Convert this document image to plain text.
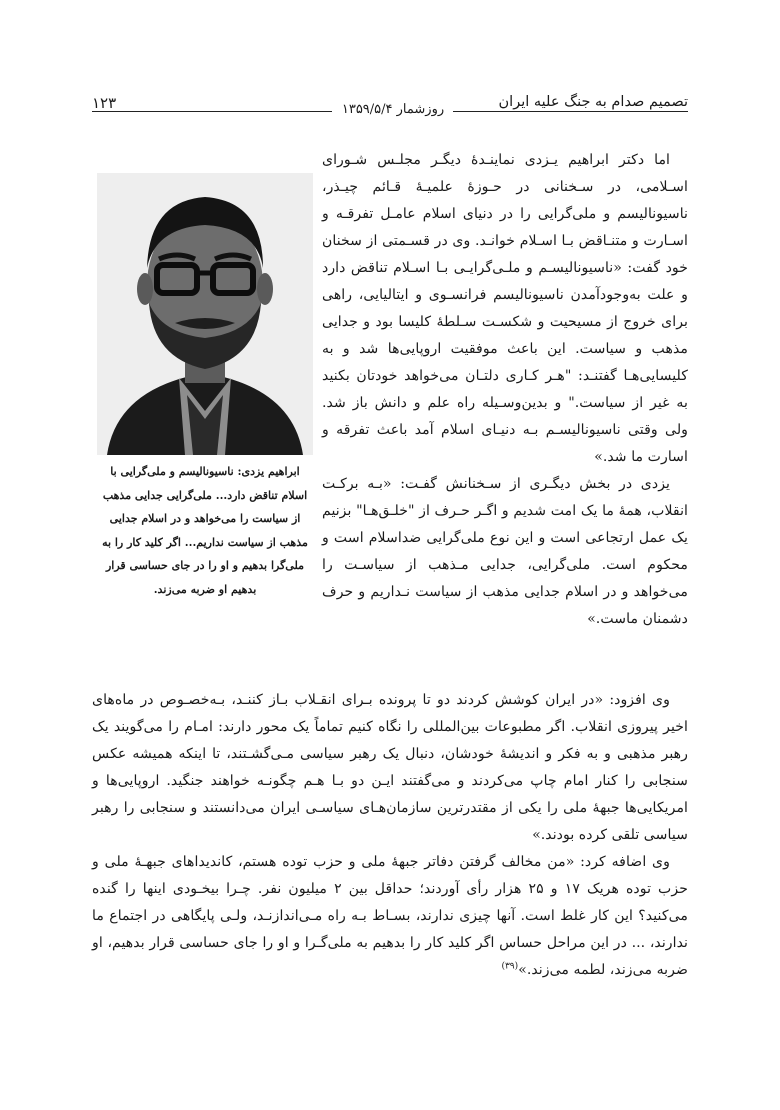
تصمیم صدام به جنگ علیه ایران
۱۲۳	روزشمار ۱۳۵۹/۵/۴
ابراهیم یزدی: ناسیونالیسم و ملی‌گرایی با اسلام تناقض دارد... ملی‌گرایی جدایی مذهب از سیاست را می‌خواهد و در اسلام جدایی مذهب از سیاست نداریم... اگر کلید کار را به ملی‌گرا بدهیم و او را در جای حساسی قرار بدهیم او ضربه می‌زند.

اما دکتر ابراهیم یـزدی نماینـدهٔ دیگـر مجلـس شـورای اسـلامی، در سـخنانی در حـوزهٔ علمیـهٔ قـائم چیـذر، ناسیونالیسم و ملی‌گرایی را در دنیای اسلام عامـل تفرقـه و اسـارت و متنـاقض بـا اسـلام خوانـد. وی در قسـمتی از سخنان خود گفت: «ناسیونالیسـم و ملـی‌گرایـی بـا اسـلام تناقض دارد و علت به‌وجودآمدن ناسیونالیسم فرانسـوی و ایتالیایی، راهی برای خروج از مسیحیت و شکسـت سـلطهٔ کلیسا بود و جدایی مذهب و سیاست. این باعث موفقیت اروپایی‌ها شد و به کلیسایی‌هـا گفتنـد: "هـر کـاری دلتـان می‌خواهد خودتان بکنید به غیر از سیاست." و بدین‌وسـیله راه علم و دانش باز شد. ولی وقتی ناسیونالیسـم بـه دنیـای اسلام آمد باعث تفرقه و اسارت ما شد.»

یزدی در بخش دیگـری از سـخنانش گفـت: «بـه برکـت انقلاب، همهٔ ما یک امت شدیم و اگـر حـرف از "خلـق‌هـا" بزنیم یک عمل ارتجاعی است و این نوع ملی‌گرایی ضداسلام است و محکوم است. ملی‌گرایی، جدایی مـذهب از سیاسـت را می‌خواهد و در اسلام جدایی مذهب از سیاست نـداریم و حرف دشمنان ماست.»

وی افزود: «در ایران کوشش کردند دو تا پرونده بـرای انقـلاب بـاز کننـد، بـه‌خصـوص در ماه‌های اخیر پیروزی انقلاب. اگر مطبوعات بین‌المللی را نگاه کنیم تماماً یک محور دارند: امـام را می‌گویند یک رهبر مذهبی و به فکر و اندیشهٔ خودشان، دنبال یک رهبر سیاسی مـی‌گشـتند، تا اینکه همیشه عکس سنجابی را کنار امام چاپ می‌کردند و می‌گفتند ایـن دو بـا هـم چگونـه خواهند جنگید. اروپایی‌ها و امریکایی‌ها جبههٔ ملی را یکی از مقتدرترین سازمان‌هـای سیاسـی ایران می‌دانستند و سنجابی را رهبر سیاسی تلقی کرده بودند.»

وی اضافه کرد: «من مخالف گرفتن دفاتر جبههٔ ملی و حزب توده هستم، کاندیداهای جبهـهٔ ملی و حزب توده هریک ۱۷ و ۲۵ هزار رأی آوردند؛ حداقل بین ۲ میلیون نفر. چـرا بیخـودی اینها را گنده می‌کنید؟ این کار غلط است. آنها چیزی ندارند، بسـاط بـه راه مـی‌اندازنـد، ولـی پایگاهی در اجتماع ما ندارند، ... در این مراحل حساس اگر کلید کار را بدهیم به ملی‌گـرا و او را جای حساسی قرار بدهیم، او ضربه می‌زند، لطمه می‌زند.»$^{(۳۹)}$
